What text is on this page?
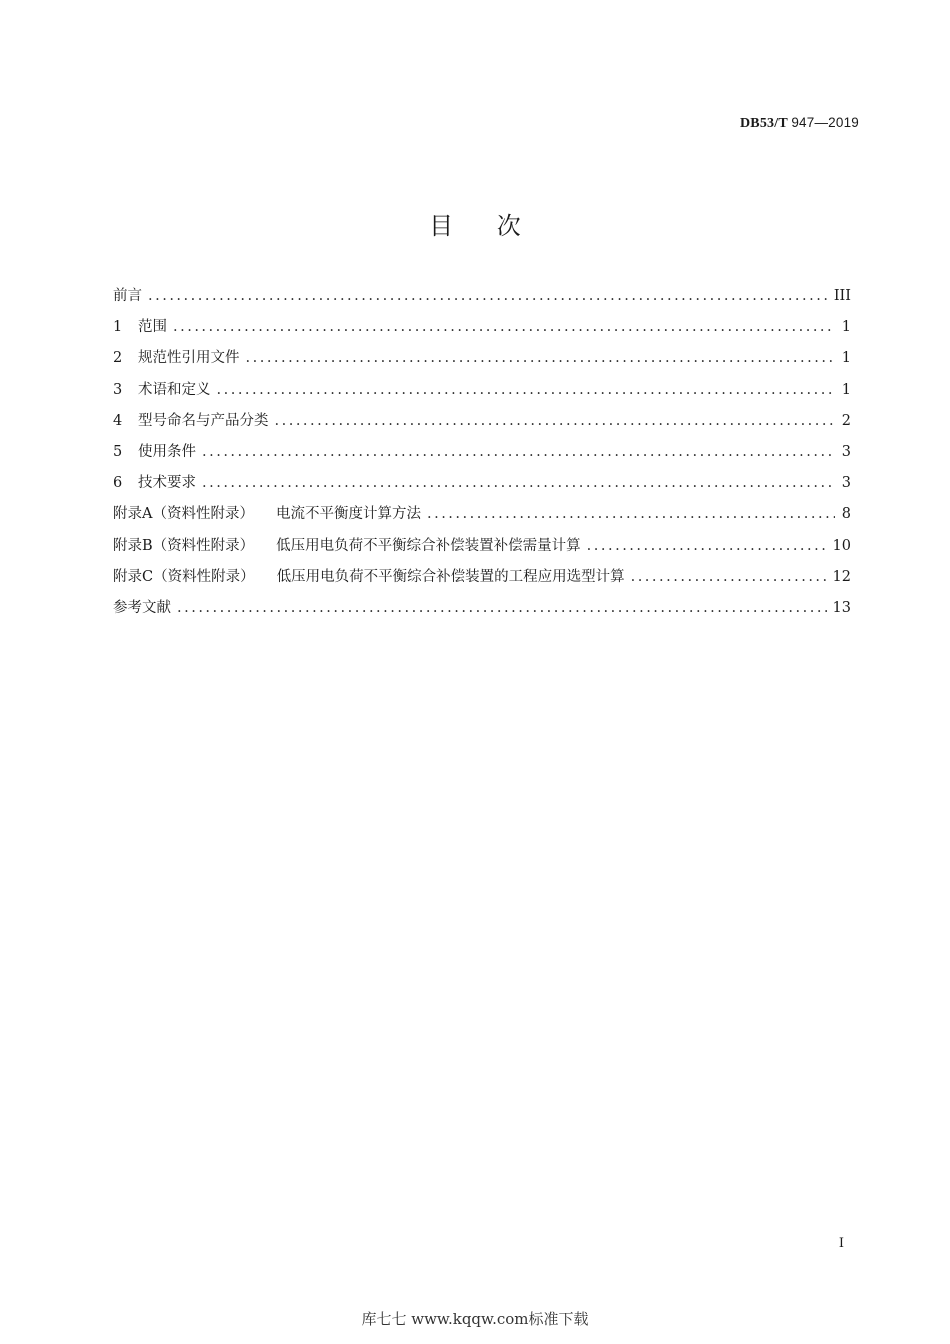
DB53/T 947—2019
目 次
前言 .....	III
1 范围 .....	1
2 规范性引用文件 .....	1
3 术语和定义 .....	1
4 型号命名与产品分类 .....	2
5 使用条件 .....	3
6 技术要求 .....	3
附录A（资料性附录） 电流不平衡度计算方法 .....	8
附录B（资料性附录） 低压用电负荷不平衡综合补偿装置补偿需量计算 .....	10
附录C（资料性附录） 低压用电负荷不平衡综合补偿装置的工程应用选型计算 .....	12
参考文献 .....	13
I
库七七 www.kqqw.com标准下载
